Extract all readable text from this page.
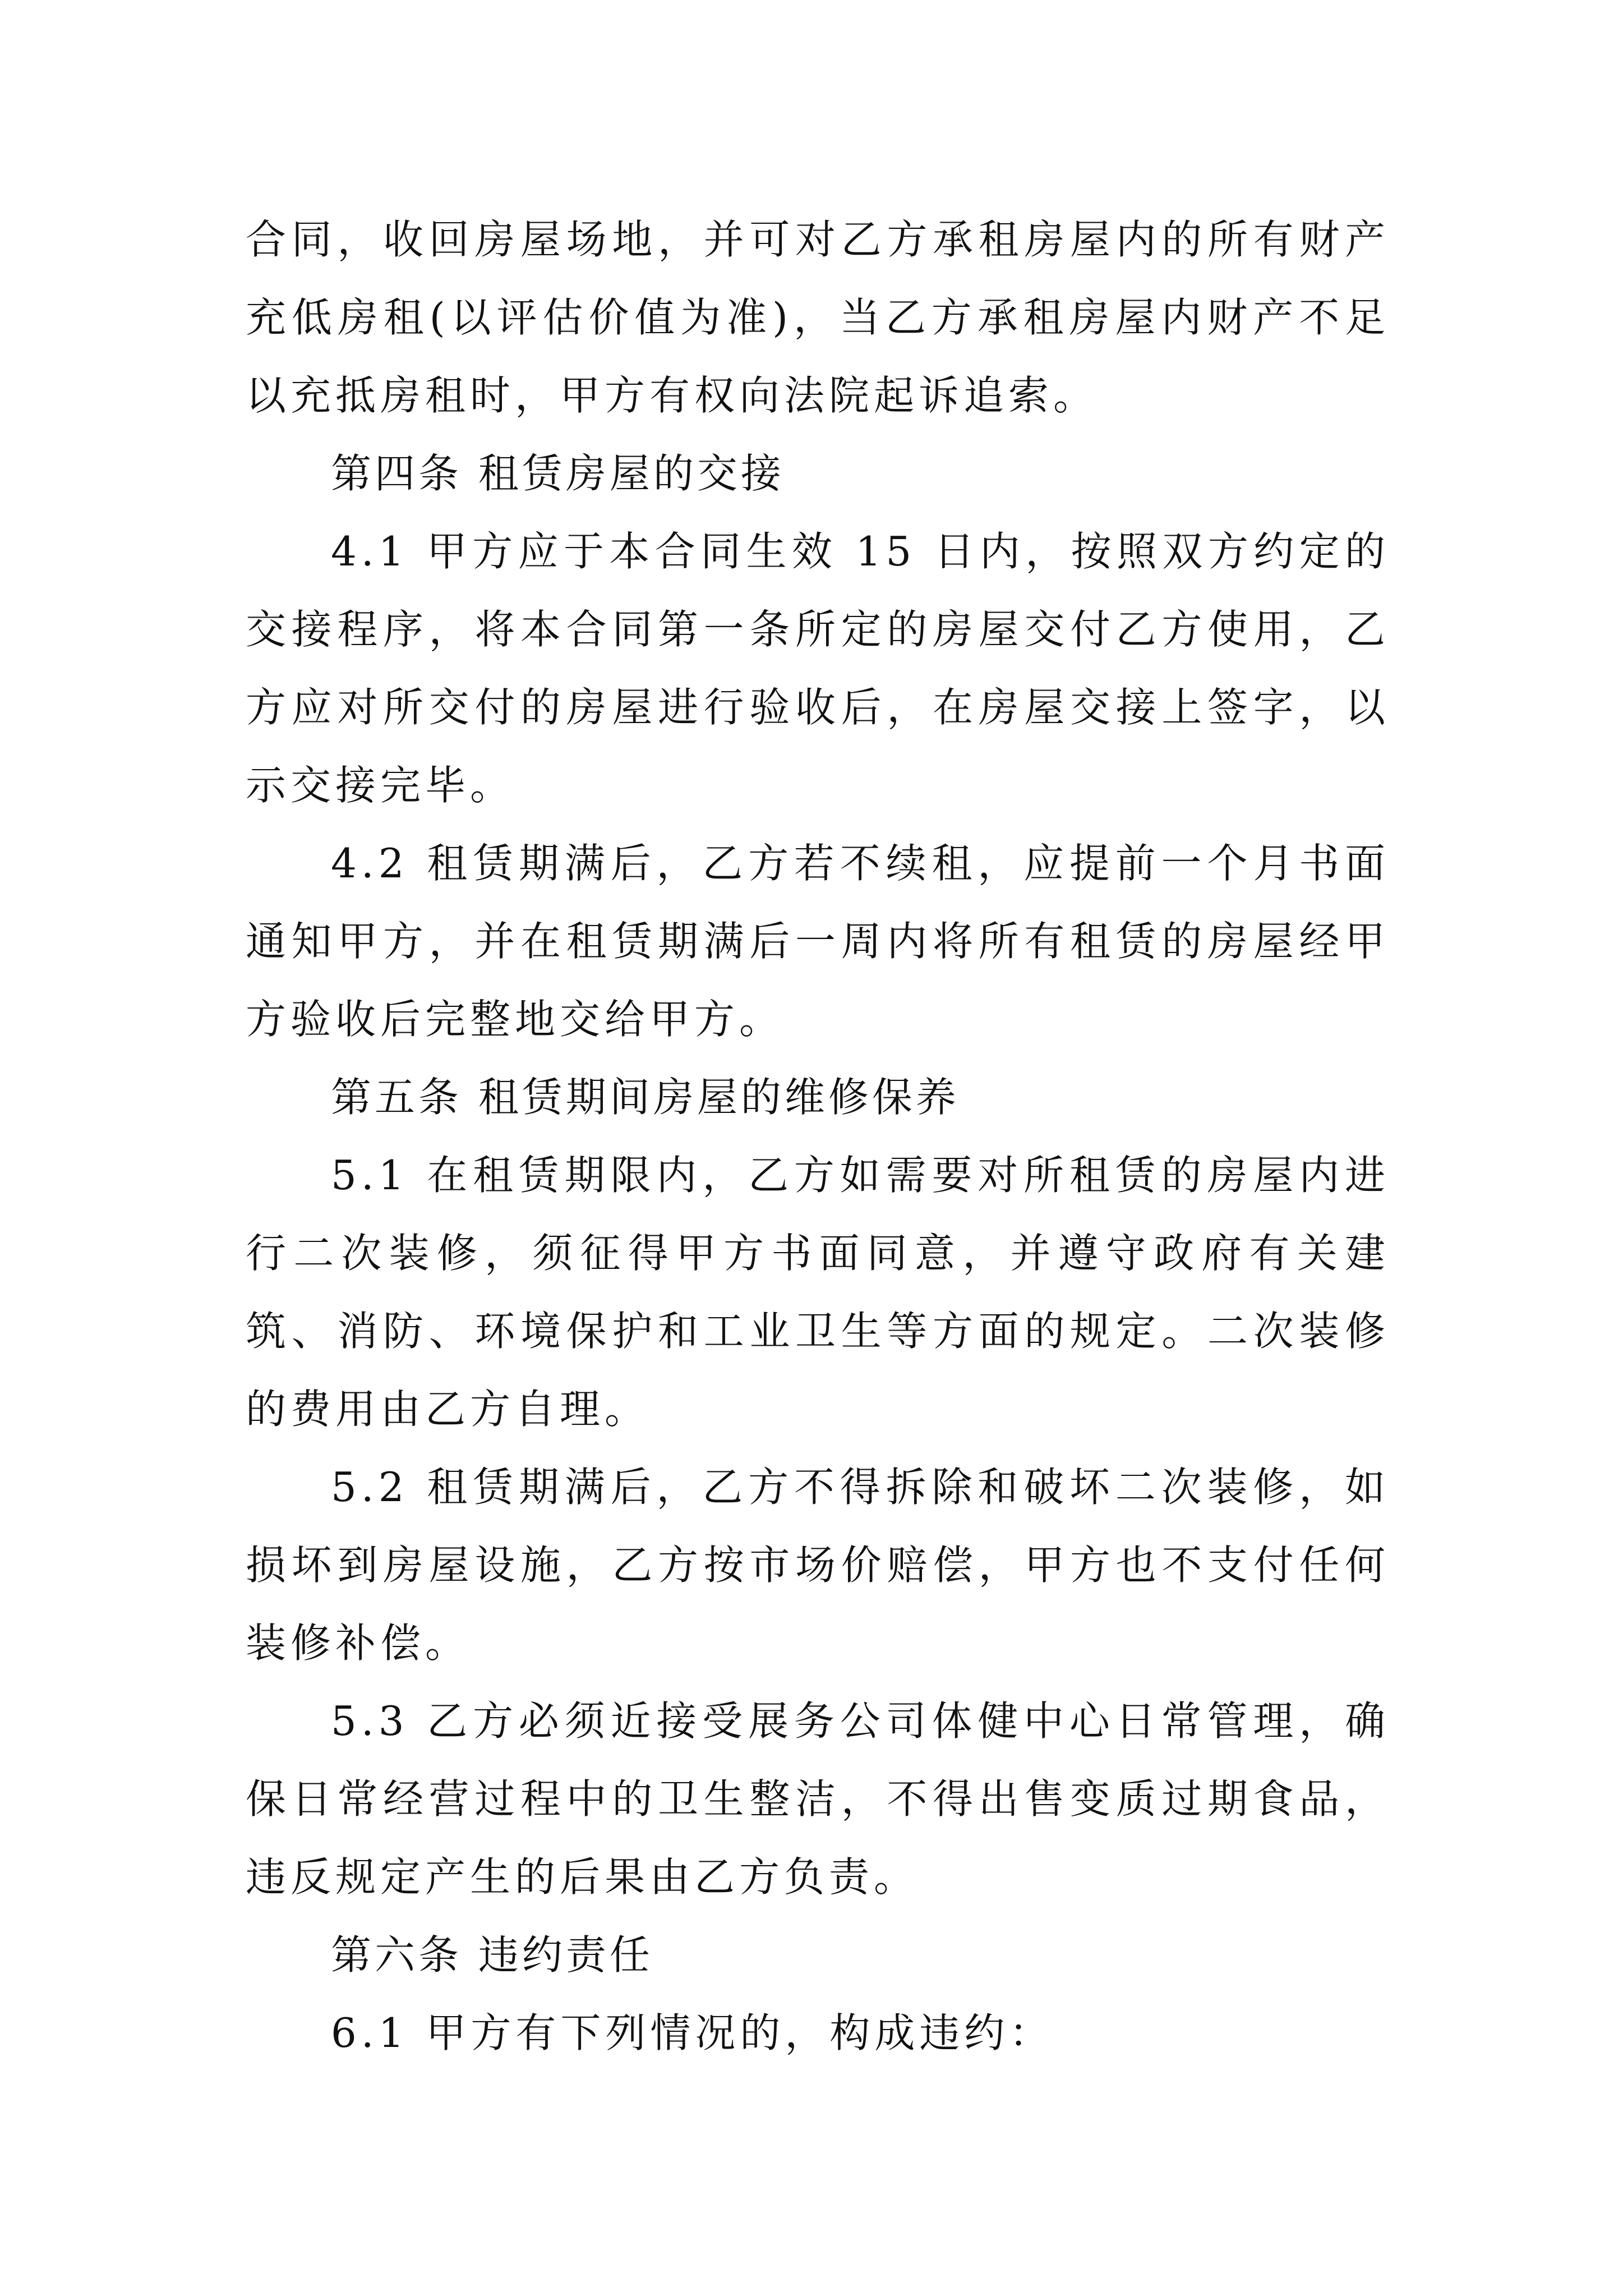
合同，收回房屋场地，并可对乙方承租房屋内的所有财产充低房租(以评估价值为准)，当乙方承租房屋内财产不足以充抵房租时，甲方有权向法院起诉追索。

第四条 租赁房屋的交接

4.1 甲方应于本合同生效 15 日内，按照双方约定的交接程序，将本合同第一条所定的房屋交付乙方使用，乙方应对所交付的房屋进行验收后，在房屋交接上签字，以示交接完毕。

4.2 租赁期满后，乙方若不续租，应提前一个月书面通知甲方，并在租赁期满后一周内将所有租赁的房屋经甲方验收后完整地交给甲方。

第五条 租赁期间房屋的维修保养

5.1 在租赁期限内，乙方如需要对所租赁的房屋内进行二次装修，须征得甲方书面同意，并遵守政府有关建筑、消防、环境保护和工业卫生等方面的规定。二次装修的费用由乙方自理。

5.2 租赁期满后，乙方不得拆除和破坏二次装修，如损坏到房屋设施，乙方按市场价赔偿，甲方也不支付任何装修补偿。

5.3 乙方必须近接受展务公司体健中心日常管理，确保日常经营过程中的卫生整洁，不得出售变质过期食品，违反规定产生的后果由乙方负责。

第六条 违约责任

6.1 甲方有下列情况的，构成违约：
